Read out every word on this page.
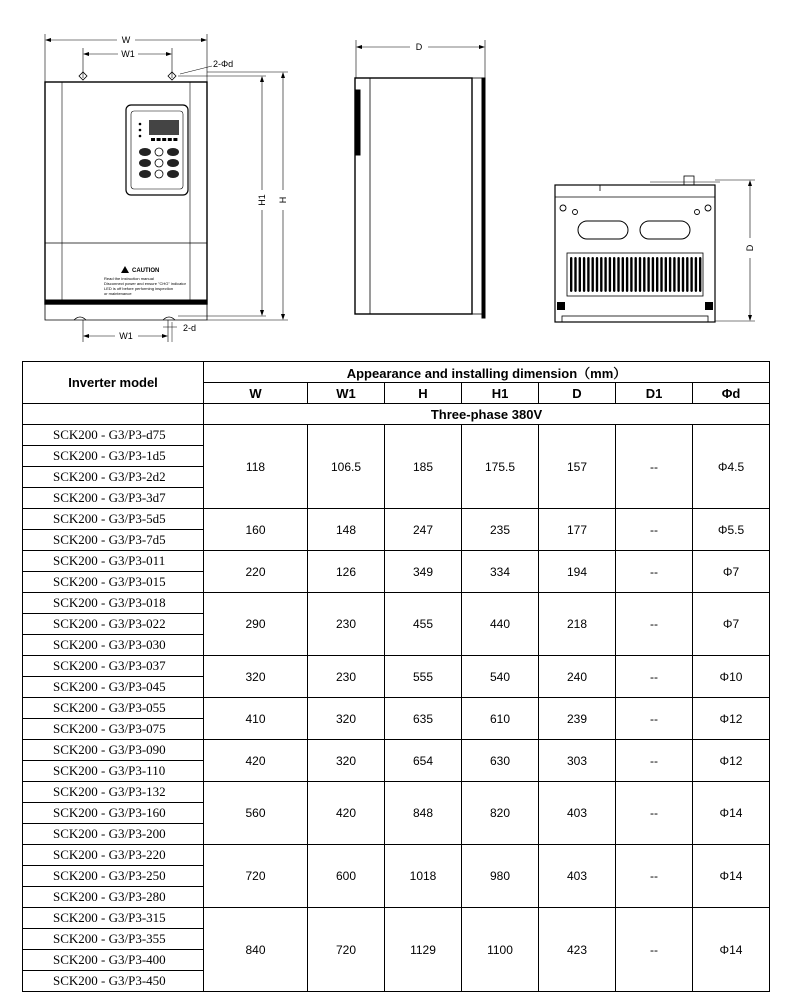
W
W1
2-Φd
W1
2-d
H1 H
D
D
CAUTION
Read the instruction manual
Disconnect power and ensure "CHG" indicator
LED is off before performing inspection
or maintenance
Inverter model	Appearance and installing dimension（mm）						
	W	W1	H	H1	D	D1	Φd
	Three-phase 380V						
SCK200 - G3/P3-d75	118	106.5	185	175.5	157	--	Φ4.5
SCK200 - G3/P3-1d5							
SCK200 - G3/P3-2d2							
SCK200 - G3/P3-3d7							
SCK200 - G3/P3-5d5	160	148	247	235	177	--	Φ5.5
SCK200 - G3/P3-7d5							
SCK200 - G3/P3-011	220	126	349	334	194	--	Φ7
SCK200 - G3/P3-015							
SCK200 - G3/P3-018	290	230	455	440	218	--	Φ7
SCK200 - G3/P3-022							
SCK200 - G3/P3-030							
SCK200 - G3/P3-037	320	230	555	540	240	--	Φ10
SCK200 - G3/P3-045							
SCK200 - G3/P3-055	410	320	635	610	239	--	Φ12
SCK200 - G3/P3-075							
SCK200 - G3/P3-090	420	320	654	630	303	--	Φ12
SCK200 - G3/P3-110							
SCK200 - G3/P3-132	560	420	848	820	403	--	Φ14
SCK200 - G3/P3-160							
SCK200 - G3/P3-200							
SCK200 - G3/P3-220	720	600	1018	980	403	--	Φ14
SCK200 - G3/P3-250							
SCK200 - G3/P3-280							
SCK200 - G3/P3-315	840	720	1129	1100	423	--	Φ14
SCK200 - G3/P3-355							
SCK200 - G3/P3-400							
SCK200 - G3/P3-450							
